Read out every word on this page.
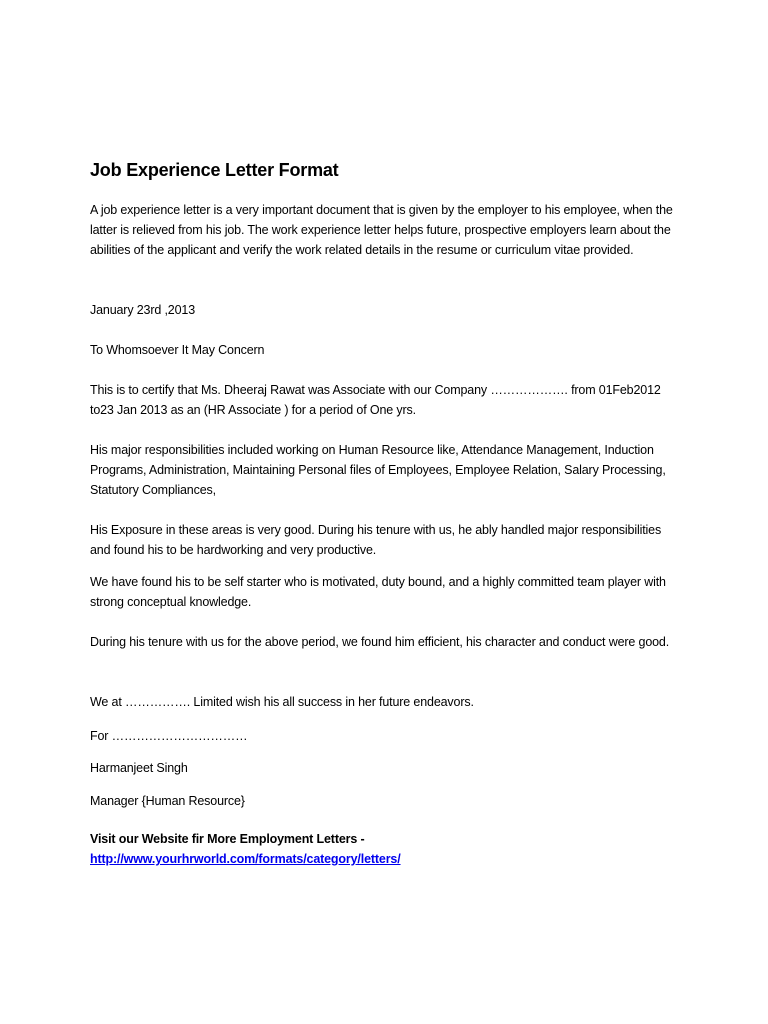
Job Experience Letter Format
A job experience letter is a very important document that is given by the employer to his employee, when the latter is relieved from his job. The work experience letter helps future, prospective employers learn about the abilities of the applicant and verify the work related details in the resume or curriculum vitae provided.
January 23rd ,2013
To Whomsoever It May Concern
This is to certify that Ms. Dheeraj Rawat was Associate with our Company ………………. from 01Feb2012 to23 Jan 2013 as an (HR Associate ) for a period of One yrs.
His major responsibilities included working on Human Resource like, Attendance Management, Induction Programs, Administration, Maintaining Personal files of Employees, Employee Relation, Salary Processing, Statutory Compliances,
His Exposure in these areas is very good. During his tenure with us, he ably handled major responsibilities and found his to be hardworking and very productive.
We have found his to be self starter who is motivated, duty bound, and a highly committed team player with strong conceptual knowledge.
During his tenure with us for the above period, we found him efficient, his character and conduct were good.
We at ……………. Limited wish his all success in her future endeavors.
For ……………………………
Harmanjeet Singh
Manager {Human Resource}
Visit our Website fir More Employment Letters -
http://www.yourhrworld.com/formats/category/letters/
